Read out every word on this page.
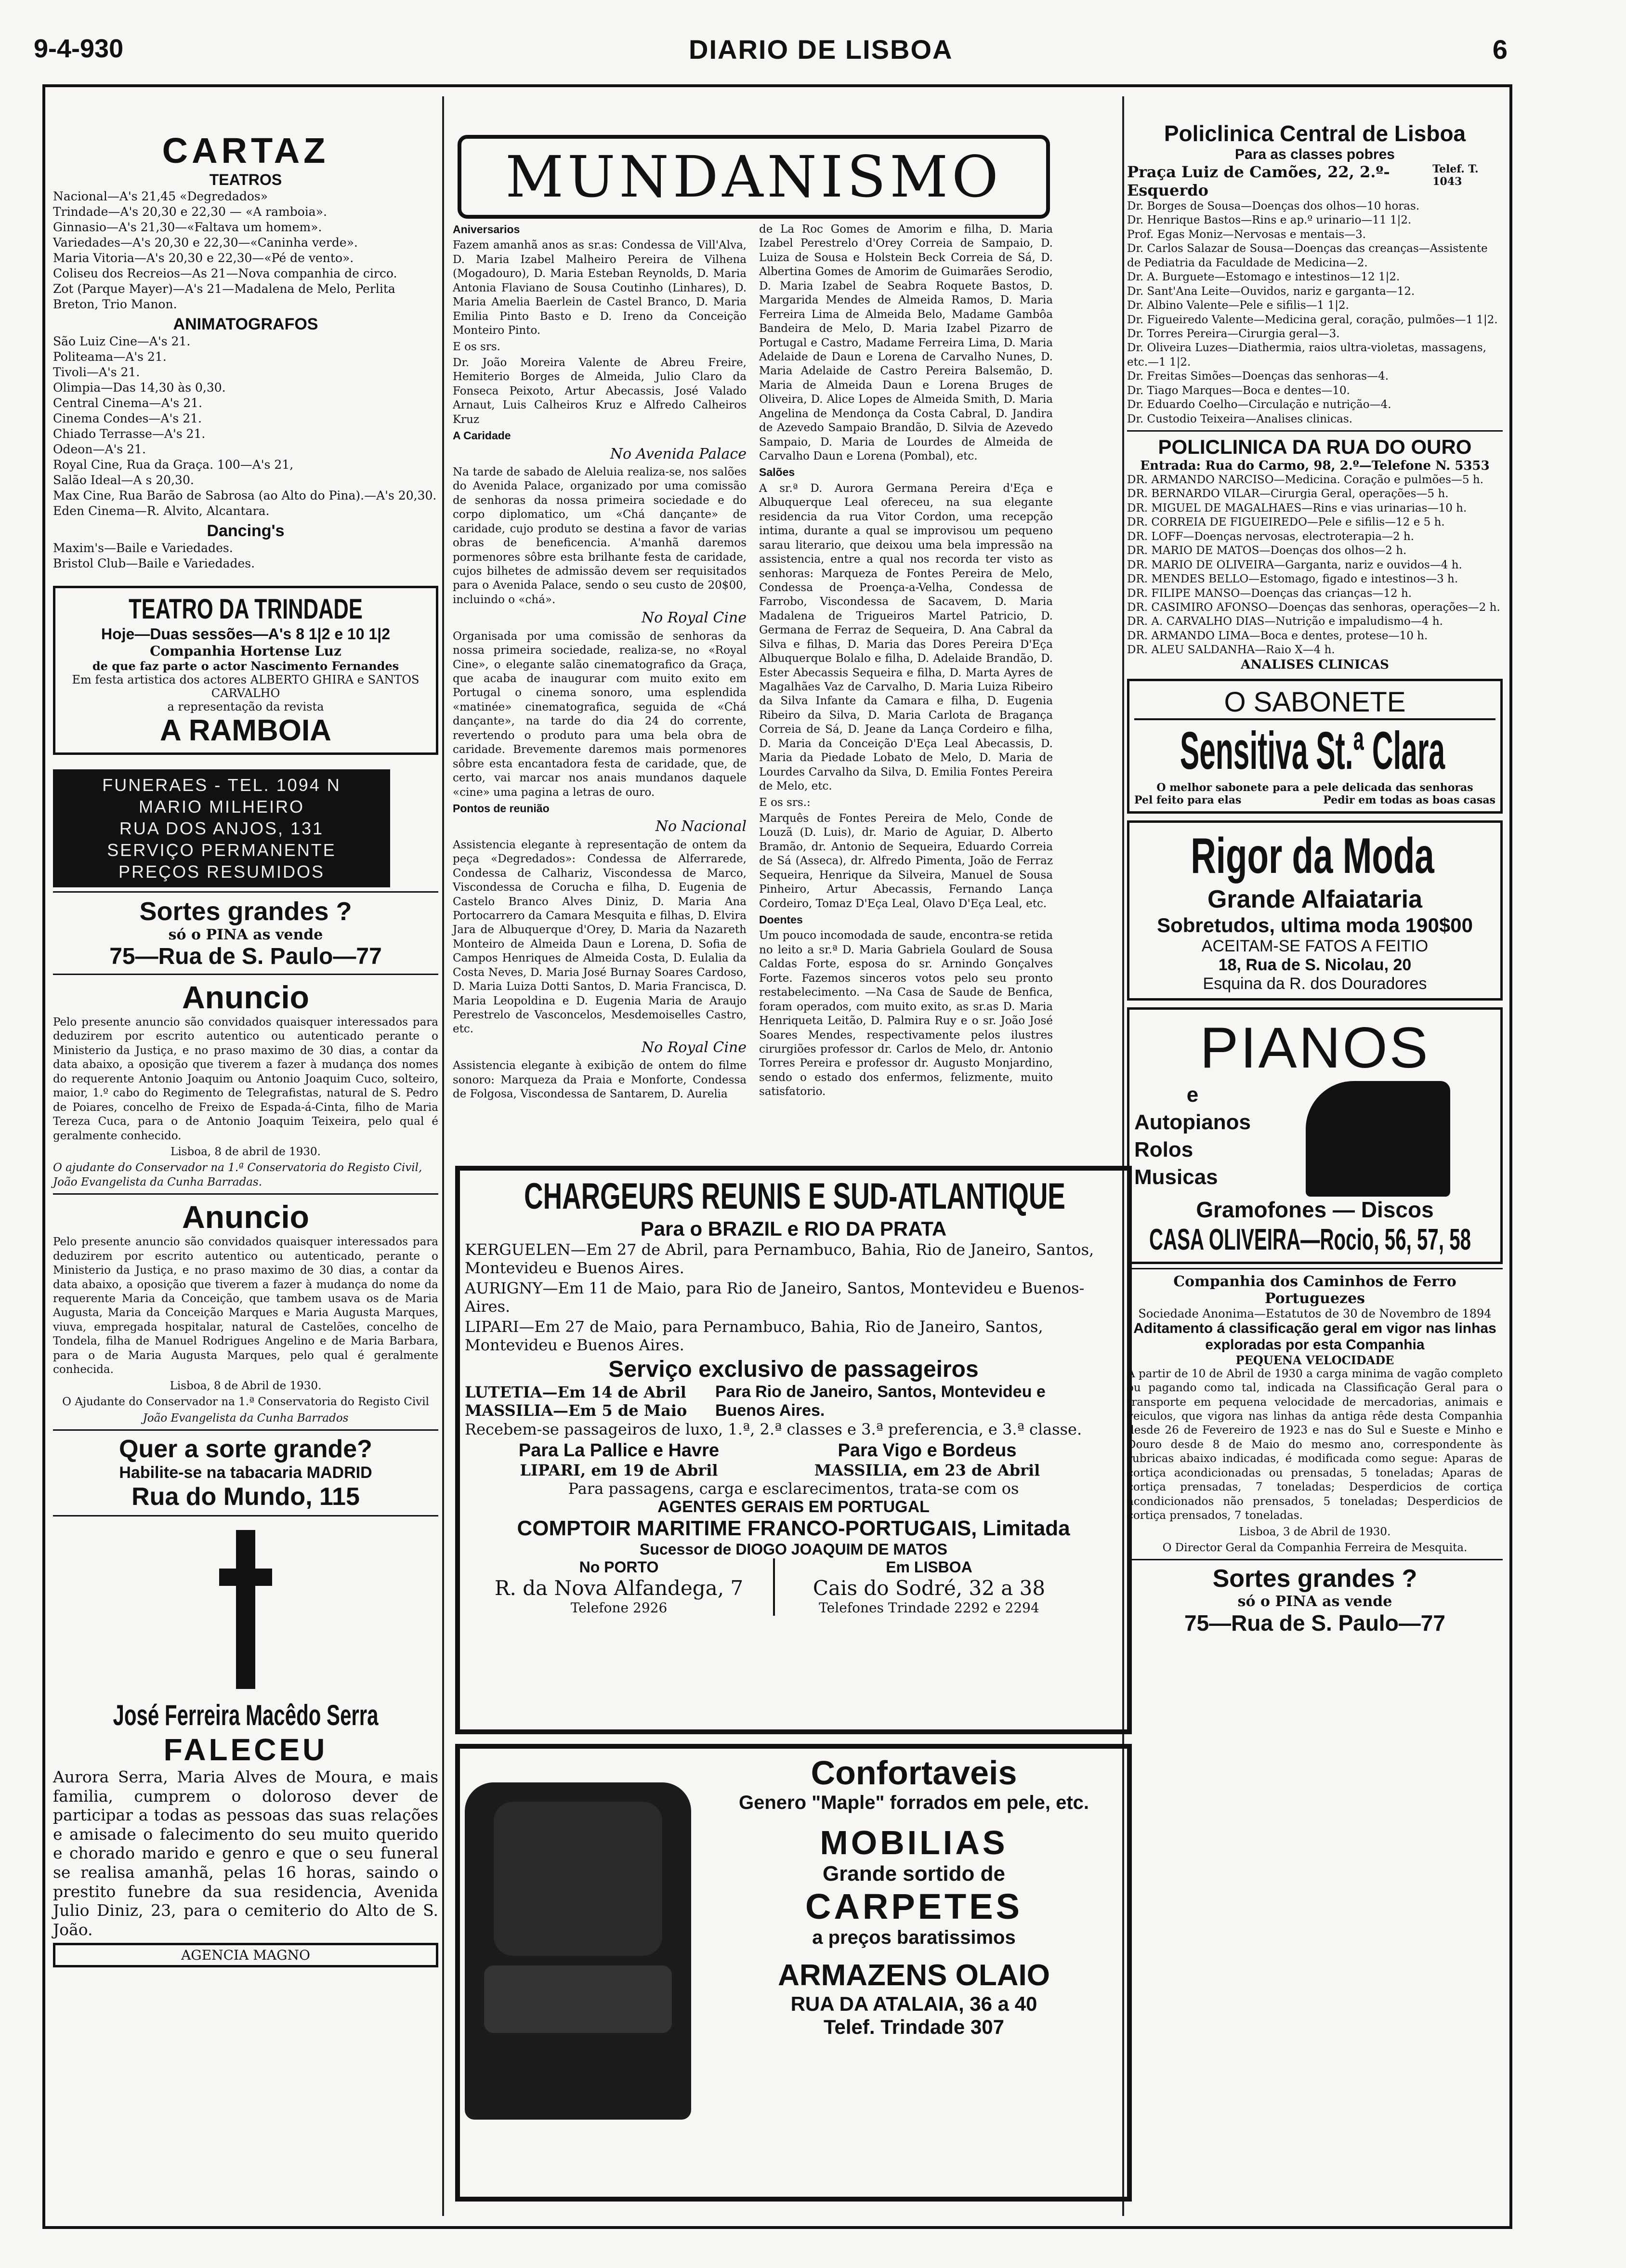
9-4-930	DIARIO DE LISBOA	6
CARTAZ
TEATROS
Nacional—A's 21,45 «Degredados»
Trindade—A's 20,30 e 22,30 — «A ramboia».
Ginnasio—A's 21,30—«Faltava um homem».
Variedades—A's 20,30 e 22,30—«Caninha verde».
Maria Vitoria—A's 20,30 e 22,30—«Pé de vento».
Coliseu dos Recreios—As 21—Nova companhia de circo.
Zot (Parque Mayer)—A's 21—Madalena de Melo, Perlita Breton, Trio Manon.
ANIMATOGRAFOS
São Luiz Cine—A's 21.
Politeama—A's 21.
Tivoli—A's 21.
Olimpia—Das 14,30 às 0,30.
Central Cinema—A's 21.
Cinema Condes—A's 21.
Chiado Terrasse—A's 21.
Odeon—A's 21.
Royal Cine, Rua da Graça. 100—A's 21,
Salão Ideal—A s 20,30.
Max Cine, Rua Barão de Sabrosa (ao Alto do Pina).—A's 20,30.
Eden Cinema—R. Alvito, Alcantara.
Dancing's
Maxim's—Baile e Variedades.
Bristol Club—Baile e Variedades.
TEATRO DA TRINDADE
Hoje—Duas sessões—A's 8 1|2 e 10 1|2
Companhia Hortense Luz
de que faz parte o actor Nascimento Fernandes
Em festa artistica dos actores ALBERTO GHIRA e SANTOS CARVALHO
a representação da revista
A RAMBOIA
FUNERAES - TEL. 1094 N
MARIO MILHEIRO
RUA DOS ANJOS, 131
SERVIÇO PERMANENTE
PREÇOS RESUMIDOS
Sortes grandes ?
só o PINA as vende
75—Rua de S. Paulo—77
Anuncio

Pelo presente anuncio são convidados quaisquer interessados para deduzirem por escrito autentico ou autenticado perante o Ministerio da Justiça, e no praso maximo de 30 dias, a contar da data abaixo, a oposição que tiverem a fazer à mudança dos nomes do requerente Antonio Joaquim ou Antonio Joaquim Cuco, solteiro, maior, 1.º cabo do Regimento de Telegrafistas, natural de S. Pedro de Poiares, concelho de Freixo de Espada-á-Cinta, filho de Maria Tereza Cuca, para o de Antonio Joaquim Teixeira, pelo qual é geralmente conhecido.

Lisboa, 8 de abril de 1930.

O ajudante do Conservador na 1.ª Conservatoria do Registo Civil, João Evangelista da Cunha Barradas.

Anuncio

Pelo presente anuncio são convidados quaisquer interessados para deduzirem por escrito autentico ou autenticado, perante o Ministerio da Justiça, e no praso maximo de 30 dias, a contar da data abaixo, a oposição que tiverem a fazer à mudança do nome da requerente Maria da Conceição, que tambem usava os de Maria Augusta, Maria da Conceição Marques e Maria Augusta Marques, viuva, empregada hospitalar, natural de Castelões, concelho de Tondela, filha de Manuel Rodrigues Angelino e de Maria Barbara, para o de Maria Augusta Marques, pelo qual é geralmente conhecida.

Lisboa, 8 de Abril de 1930.

O Ajudante do Conservador na 1.ª Conservatoria do Registo Civil

João Evangelista da Cunha Barrados

Quer a sorte grande?
Habilite-se na tabacaria MADRID
Rua do Mundo, 115
José Ferreira Macêdo Serra
FALECEU

Aurora Serra, Maria Alves de Moura, e mais familia, cumprem o doloroso dever de participar a todas as pessoas das suas relações e amisade o falecimento do seu muito querido e chorado marido e genro e que o seu funeral se realisa amanhã, pelas 16 horas, saindo o prestito funebre da sua residencia, Avenida Julio Diniz, 23, para o cemiterio do Alto de S. João.

AGENCIA MAGNO
MUNDANISMO

Aniversarios

Fazem amanhã anos as sr.as: Condessa de Vill'Alva, D. Maria Izabel Malheiro Pereira de Vilhena (Mogadouro), D. Maria Esteban Reynolds, D. Maria Antonia Flaviano de Sousa Coutinho (Linhares), D. Maria Amelia Baerlein de Castel Branco, D. Maria Emilia Pinto Basto e D. Ireno da Conceição Monteiro Pinto.

E os srs.

Dr. João Moreira Valente de Abreu Freire, Hemiterio Borges de Almeida, Julio Claro da Fonseca Peixoto, Artur Abecassis, José Valado Arnaut, Luis Calheiros Kruz e Alfredo Calheiros Kruz

A Caridade

No Avenida Palace

Na tarde de sabado de Aleluia realiza-se, nos salões do Avenida Palace, organizado por uma comissão de senhoras da nossa primeira sociedade e do corpo diplomatico, um «Chá dançante» de caridade, cujo produto se destina a favor de varias obras de beneficencia. A'manhã daremos pormenores sôbre esta brilhante festa de caridade, cujos bilhetes de admissão devem ser requisitados para o Avenida Palace, sendo o seu custo de 20$00, incluindo o «chá».

No Royal Cine

Organisada por uma comissão de senhoras da nossa primeira sociedade, realiza-se, no «Royal Cine», o elegante salão cinematografico da Graça, que acaba de inaugurar com muito exito em Portugal o cinema sonoro, uma esplendida «matinée» cinematografica, seguida de «Chá dançante», na tarde do dia 24 do corrente, revertendo o produto para uma bela obra de caridade. Brevemente daremos mais pormenores sôbre esta encantadora festa de caridade, que, de certo, vai marcar nos anais mundanos daquele «cine» uma pagina a letras de ouro.

Pontos de reunião

No Nacional

Assistencia elegante à representação de ontem da peça «Degredados»: Condessa de Alferrarede, Condessa de Calhariz, Viscondessa de Marco, Viscondessa de Corucha e filha, D. Eugenia de Castelo Branco Alves Diniz, D. Maria Ana Portocarrero da Camara Mesquita e filhas, D. Elvira Jara de Albuquerque d'Orey, D. Maria da Nazareth Monteiro de Almeida Daun e Lorena, D. Sofia de Campos Henriques de Almeida Costa, D. Eulalia da Costa Neves, D. Maria José Burnay Soares Cardoso, D. Maria Luiza Dotti Santos, D. Maria Francisca, D. Maria Leopoldina e D. Eugenia Maria de Araujo Perestrelo de Vasconcelos, Mesdemoiselles Castro, etc.

No Royal Cine

Assistencia elegante à exibição de ontem do filme sonoro: Marqueza da Praia e Monforte, Condessa de Folgosa, Viscondessa de Santarem, D. Aurelia

de La Roc Gomes de Amorim e filha, D. Maria Izabel Perestrelo d'Orey Correia de Sampaio, D. Luiza de Sousa e Holstein Beck Correia de Sá, D. Albertina Gomes de Amorim de Guimarães Serodio, D. Maria Izabel de Seabra Roquete Bastos, D. Margarida Mendes de Almeida Ramos, D. Maria Ferreira Lima de Almeida Belo, Madame Gambôa Bandeira de Melo, D. Maria Izabel Pizarro de Portugal e Castro, Madame Ferreira Lima, D. Maria Adelaide de Daun e Lorena de Carvalho Nunes, D. Maria Adelaide de Castro Pereira Balsemão, D. Maria de Almeida Daun e Lorena Bruges de Oliveira, D. Alice Lopes de Almeida Smith, D. Maria Angelina de Mendonça da Costa Cabral, D. Jandira de Azevedo Sampaio Brandão, D. Silvia de Azevedo Sampaio, D. Maria de Lourdes de Almeida de Carvalho Daun e Lorena (Pombal), etc.

Salões

A sr.ª D. Aurora Germana Pereira d'Eça e Albuquerque Leal ofereceu, na sua elegante residencia da rua Vitor Cordon, uma recepção intima, durante a qual se improvisou um pequeno sarau literario, que deixou uma bela impressão na assistencia, entre a qual nos recorda ter visto as senhoras: Marqueza de Fontes Pereira de Melo, Condessa de Proença-a-Velha, Condessa de Farrobo, Viscondessa de Sacavem, D. Maria Madalena de Trigueiros Martel Patricio, D. Germana de Ferraz de Sequeira, D. Ana Cabral da Silva e filhas, D. Maria das Dores Pereira D'Eça Albuquerque Bolalo e filha, D. Adelaide Brandão, D. Ester Abecassis Sequeira e filha, D. Marta Ayres de Magalhães Vaz de Carvalho, D. Maria Luiza Ribeiro da Silva Infante da Camara e filha, D. Eugenia Ribeiro da Silva, D. Maria Carlota de Bragança Correia de Sá, D. Jeane da Lança Cordeiro e filha, D. Maria da Conceição D'Eça Leal Abecassis, D. Maria da Piedade Lobato de Melo, D. Maria de Lourdes Carvalho da Silva, D. Emilia Fontes Pereira de Melo, etc.

E os srs.:

Marquês de Fontes Pereira de Melo, Conde de Louzã (D. Luis), dr. Mario de Aguiar, D. Alberto Bramão, dr. Antonio de Sequeira, Eduardo Correia de Sá (Asseca), dr. Alfredo Pimenta, João de Ferraz Sequeira, Henrique da Silveira, Manuel de Sousa Pinheiro, Artur Abecassis, Fernando Lança Cordeiro, Tomaz D'Eça Leal, Olavo D'Eça Leal, etc.

Doentes

Um pouco incomodada de saude, encontra-se retida no leito a sr.ª D. Maria Gabriela Goulard de Sousa Caldas Forte, esposa do sr. Arnindo Gonçalves Forte. Fazemos sinceros votos pelo seu pronto restabelecimento. —Na Casa de Saude de Benfica, foram operados, com muito exito, as sr.as D. Maria Henriqueta Leitão, D. Palmira Ruy e o sr. João José Soares Mendes, respectivamente pelos ilustres cirurgiões professor dr. Carlos de Melo, dr. Antonio Torres Pereira e professor dr. Augusto Monjardino, sendo o estado dos enfermos, felizmente, muito satisfatorio.

CHARGEURS REUNIS E SUD-ATLANTIQUE
Para o BRAZIL e RIO DA PRATA

KERGUELEN—Em 27 de Abril, para Pernambuco, Bahia, Rio de Janeiro, Santos, Montevideu e Buenos Aires.

AURIGNY—Em 11 de Maio, para Rio de Janeiro, Santos, Montevideu e Buenos-Aires.

LIPARI—Em 27 de Maio, para Pernambuco, Bahia, Rio de Janeiro, Santos, Montevideu e Buenos Aires.

Serviço exclusivo de passageiros
LUTETIA—Em 14 de Abril
MASSILIA—Em 5 de Maio
Para Rio de Janeiro, Santos, Montevideu e Buenos Aires.

Recebem-se passageiros de luxo, 1.ª, 2.ª classes e 3.ª preferencia, e 3.ª classe.

Para La Pallice e Havre
LIPARI, em 19 de Abril
Para Vigo e Bordeus
MASSILIA, em 23 de Abril
Para passagens, carga e esclarecimentos, trata-se com os
AGENTES GERAIS EM PORTUGAL
COMPTOIR MARITIME FRANCO-PORTUGAIS, Limitada
Sucessor de DIOGO JOAQUIM DE MATOS
No PORTO
R. da Nova Alfandega, 7
Telefone 2926
Em LISBOA
Cais do Sodré, 32 a 38
Telefones Trindade 2292 e 2294
Confortaveis
Genero "Maple" forrados em pele, etc.
MOBILIAS
Grande sortido de
CARPETES
a preços baratissimos
ARMAZENS OLAIO
RUA DA ATALAIA, 36 a 40
Telef. Trindade 307
Policlinica Central de Lisboa
Para as classes pobres
Praça Luiz de Camões, 22, 2.º-Esquerdo
Telef. T. 1043
Dr. Borges de Sousa—Doenças dos olhos—10 horas.
Dr. Henrique Bastos—Rins e ap.º urinario—11 1|2.
Prof. Egas Moniz—Nervosas e mentais—3.
Dr. Carlos Salazar de Sousa—Doenças das creanças—Assistente de Pediatria da Faculdade de Medicina—2.
Dr. A. Burguete—Estomago e intestinos—12 1|2.
Dr. Sant'Ana Leite—Ouvidos, nariz e garganta—12.
Dr. Albino Valente—Pele e sifilis—1 1|2.
Dr. Figueiredo Valente—Medicina geral, coração, pulmões—1 1|2.
Dr. Torres Pereira—Cirurgia geral—3.
Dr. Oliveira Luzes—Diathermia, raios ultra-violetas, massagens, etc.—1 1|2.
Dr. Freitas Simões—Doenças das senhoras—4.
Dr. Tiago Marques—Boca e dentes—10.
Dr. Eduardo Coelho—Circulação e nutrição—4.
Dr. Custodio Teixeira—Analises clinicas.
POLICLINICA DA RUA DO OURO
Entrada: Rua do Carmo, 98, 2.º—Telefone N. 5353
DR. ARMANDO NARCISO—Medicina. Coração e pulmões—5 h.
DR. BERNARDO VILAR—Cirurgia Geral, operações—5 h.
DR. MIGUEL DE MAGALHAES—Rins e vias urinarias—10 h.
DR. CORREIA DE FIGUEIREDO—Pele e sifilis—12 e 5 h.
DR. LOFF—Doenças nervosas, electroterapia—2 h.
DR. MARIO DE MATOS—Doenças dos olhos—2 h.
DR. MARIO DE OLIVEIRA—Garganta, nariz e ouvidos—4 h.
DR. MENDES BELLO—Estomago, figado e intestinos—3 h.
DR. FILIPE MANSO—Doenças das crianças—12 h.
DR. CASIMIRO AFONSO—Doenças das senhoras, operações—2 h.
DR. A. CARVALHO DIAS—Nutrição e impaludismo—4 h.
DR. ARMANDO LIMA—Boca e dentes, protese—10 h.
DR. ALEU SALDANHA—Raio X—4 h.
ANALISES CLINICAS
O SABONETE
Sensitiva St.ª Clara
O melhor sabonete para a pele delicada das senhoras
Pel feito para elas	Pedir em todas as boas casas
Rigor da Moda
Grande Alfaiataria
Sobretudos, ultima moda 190$00
ACEITAM-SE FATOS A FEITIO
18, Rua de S. Nicolau, 20
Esquina da R. dos Douradores
PIANOS
e
Autopianos
Rolos
Musicas
Gramofones — Discos
CASA OLIVEIRA—Rocio, 56, 57, 58
Companhia dos Caminhos de Ferro Portuguezes
Sociedade Anonima—Estatutos de 30 de Novembro de 1894
Aditamento á classificação geral em vigor nas linhas exploradas por esta Companhia
PEQUENA VELOCIDADE

A partir de 10 de Abril de 1930 a carga minima de vagão completo ou pagando como tal, indicada na Classificação Geral para o transporte em pequena velocidade de mercadorias, animais e veiculos, que vigora nas linhas da antiga rêde desta Companhia desde 26 de Fevereiro de 1923 e nas do Sul e Sueste e Minho e Douro desde 8 de Maio do mesmo ano, correspondente às rubricas abaixo indicadas, é modificada como segue: Aparas de cortiça acondicionadas ou prensadas, 5 toneladas; Aparas de cortiça prensadas, 7 toneladas; Desperdicios de cortiça acondicionados não prensados, 5 toneladas; Desperdicios de cortiça prensados, 7 toneladas.

Lisboa, 3 de Abril de 1930.

O Director Geral da Companhia Ferreira de Mesquita.

Sortes grandes ?
só o PINA as vende
75—Rua de S. Paulo—77
